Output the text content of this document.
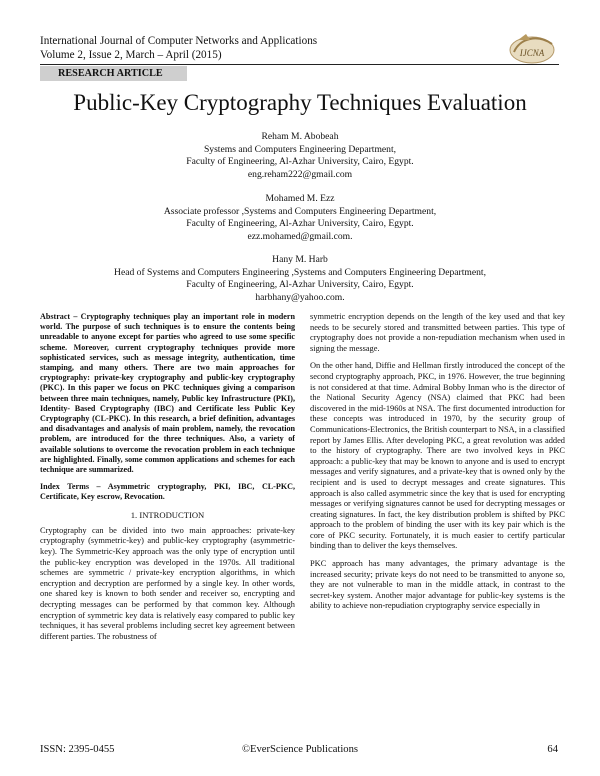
International Journal of Computer Networks and Applications
Volume 2, Issue 2, March – April (2015)	IJCNA
RESEARCH ARTICLE
Public-Key Cryptography Techniques Evaluation
Reham M. Abobeah
Systems and Computers Engineering Department,
Faculty of Engineering, Al-Azhar University, Cairo, Egypt.
eng.reham222@gmail.com
Mohamed M. Ezz
Associate professor ,Systems and Computers Engineering Department,
Faculty of Engineering, Al-Azhar University, Cairo, Egypt.
ezz.mohamed@gmail.com.
Hany M. Harb
Head of Systems and Computers Engineering ,Systems and Computers Engineering Department,
Faculty of Engineering, Al-Azhar University, Cairo, Egypt.
harbhany@yahoo.com.

Abstract – Cryptography techniques play an important role in modern world. The purpose of such techniques is to ensure the contents being unreadable to anyone except for parties who agreed to use some specific scheme. Moreover, current cryptography techniques provide more sophisticated services, such as message integrity, authentication, time stamping, and many others. There are two main approaches for cryptography: private-key cryptography and public-key cryptography (PKC). In this paper we focus on PKC techniques giving a comparison between three main techniques, namely, Public key Infrastructure (PKI), Identity- Based Cryptography (IBC) and Certificate less Public Key Cryptography (CL-PKC). In this research, a brief definition, advantages and disadvantages and analysis of main problem, namely, the revocation problem, are introduced for the three techniques. Also, a variety of available solutions to overcome the revocation problem in each technique are highlighted. Finally, some common applications and schemes for each technique are summarized.

Index Terms – Asymmetric cryptography, PKI, IBC, CL-PKC, Certificate, Key escrow, Revocation.

1. INTRODUCTION

Cryptography can be divided into two main approaches: private-key cryptography (symmetric-key) and public-key cryptography (asymmetric-key). The Symmetric-Key approach was the only type of encryption until the public-key encryption was developed in the 1970s. All traditional schemes are symmetric / private-key encryption algorithms, in which encryption and decryption are performed by a single key. In other words, one shared key is known to both sender and receiver so, encrypting and decrypting messages can be performed by that common key. Although encryption of symmetric key data is relatively easy compared to public key techniques, it has several problems including secret key agreement between different parties. The robustness of

symmetric encryption depends on the length of the key used and that key needs to be securely stored and transmitted between parties. This type of cryptography does not provide a non-repudiation mechanism when used in signing the message.

On the other hand, Diffie and Hellman firstly introduced the concept of the second cryptography approach, PKC, in 1976. However, the true beginning is not considered at that time. Admiral Bobby Inman who is the director of the National Security Agency (NSA) claimed that PKC had been discovered in the mid-1960s at NSA. The first documented introduction for these concepts was introduced in 1970, by the security group of Communications-Electronics, the British counterpart to NSA, in a classified report by James Ellis. After developing PKC, a great revolution was added to the history of cryptography. There are two involved keys in PKC approach: a public-key that may be known to anyone and is used to encrypt messages and verify signatures, and a private-key that is owned only by the recipient and is used to decrypt messages and create signatures. This approach is also called asymmetric since the key that is used for encrypting messages or verifying signatures cannot be used for decrypting messages or creating signatures. In fact, the key distribution problem is shifted by PKC approach to the problem of binding the user with its key pair which is the core of PKC security. Fortunately, it is much easier to certify particular binding than to deliver the keys themselves.

PKC approach has many advantages, the primary advantage is the increased security; private keys do not need to be transmitted to anyone so, they are not vulnerable to man in the middle attack, in contrast to the secret-key system. Another major advantage for public-key systems is the ability to achieve non-repudiation cryptography service especially in

©EverScience Publications
ISSN: 2395-0455	64
